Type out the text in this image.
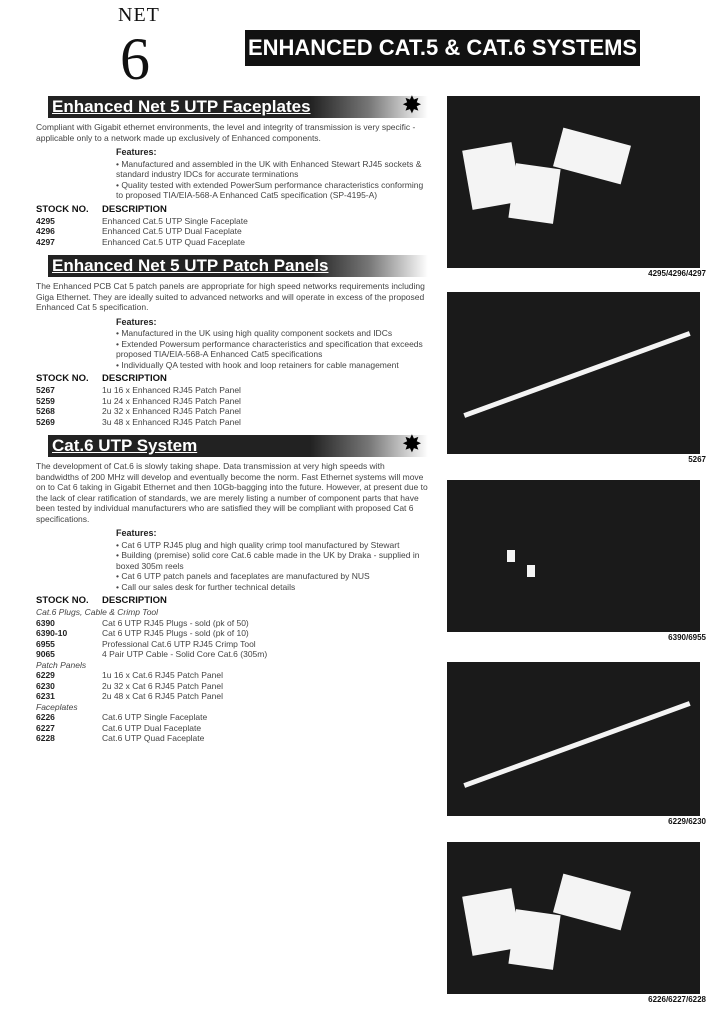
NET
6	ENHANCED CAT.5 & CAT.6 SYSTEMS
Enhanced Net 5 UTP Faceplates	✸
Compliant with Gigabit ethernet environments, the level and integrity of transmission is very specific - applicable only to a network made up exclusively of Enhanced components.
Features:
• Manufactured and assembled in the UK with Enhanced Stewart RJ45 sockets & standard industry IDCs for accurate terminations
• Quality tested with extended PowerSum performance characteristics conforming to proposed TIA/EIA-568-A Enhanced Cat5 specification (SP-4195-A)
STOCK NO.	DESCRIPTION
4295	Enhanced Cat.5 UTP Single Faceplate
4296	Enhanced Cat.5 UTP Dual Faceplate
4297	Enhanced Cat.5 UTP Quad Faceplate
Enhanced Net 5 UTP Patch Panels
The Enhanced PCB Cat 5 patch panels are appropriate for high speed networks requirements including Giga Ethernet. They are ideally suited to advanced networks and will operate in excess of the proposed Enhanced Cat 5 specification.
Features:
• Manufactured in the UK using high quality component sockets and IDCs
• Extended Powersum performance characteristics and specification that exceeds proposed TIA/EIA-568-A Enhanced Cat5 specifications
• Individually QA tested with hook and loop retainers for cable management
STOCK NO.	DESCRIPTION
5267	1u 16 x Enhanced RJ45 Patch Panel
5259	1u 24 x Enhanced RJ45 Patch Panel
5268	2u 32 x Enhanced RJ45 Patch Panel
5269	3u 48 x Enhanced RJ45 Patch Panel
Cat.6 UTP System	✸
The development of Cat.6 is slowly taking shape. Data transmission at very high speeds with bandwidths of 200 MHz will develop and eventually become the norm. Fast Ethernet systems will move on to Cat 6 taking in Gigabit Ethernet and then 10Gb-bagging into the future. However, at present due to the lack of clear ratification of standards, we are merely listing a number of component parts that have been tested by individual manufacturers who are satisfied they will be compliant with proposed Cat 6 specifications.
Features:
• Cat 6 UTP RJ45 plug and high quality crimp tool manufactured by Stewart
• Building (premise) solid core Cat.6 cable made in the UK by Draka - supplied in boxed 305m reels
• Cat 6 UTP patch panels and faceplates are manufactured by NUS
• Call our sales desk for further technical details
STOCK NO.	DESCRIPTION
Cat.6 Plugs, Cable & Crimp Tool
6390	Cat 6 UTP RJ45 Plugs - sold (pk of 50)
6390-10	Cat 6 UTP RJ45 Plugs - sold (pk of 10)
6955	Professional Cat.6 UTP RJ45 Crimp Tool
9065	4 Pair UTP Cable - Solid Core Cat.6 (305m)
Patch Panels
6229	1u 16 x Cat.6 RJ45 Patch Panel
6230	2u 32 x Cat 6 RJ45 Patch Panel
6231	2u 48 x Cat 6 RJ45 Patch Panel
Faceplates
6226	Cat.6 UTP Single Faceplate
6227	Cat.6 UTP Dual Faceplate
6228	Cat.6 UTP Quad Faceplate
4295/4296/4297
5267
6390/6955
6229/6230
6226/6227/6228
